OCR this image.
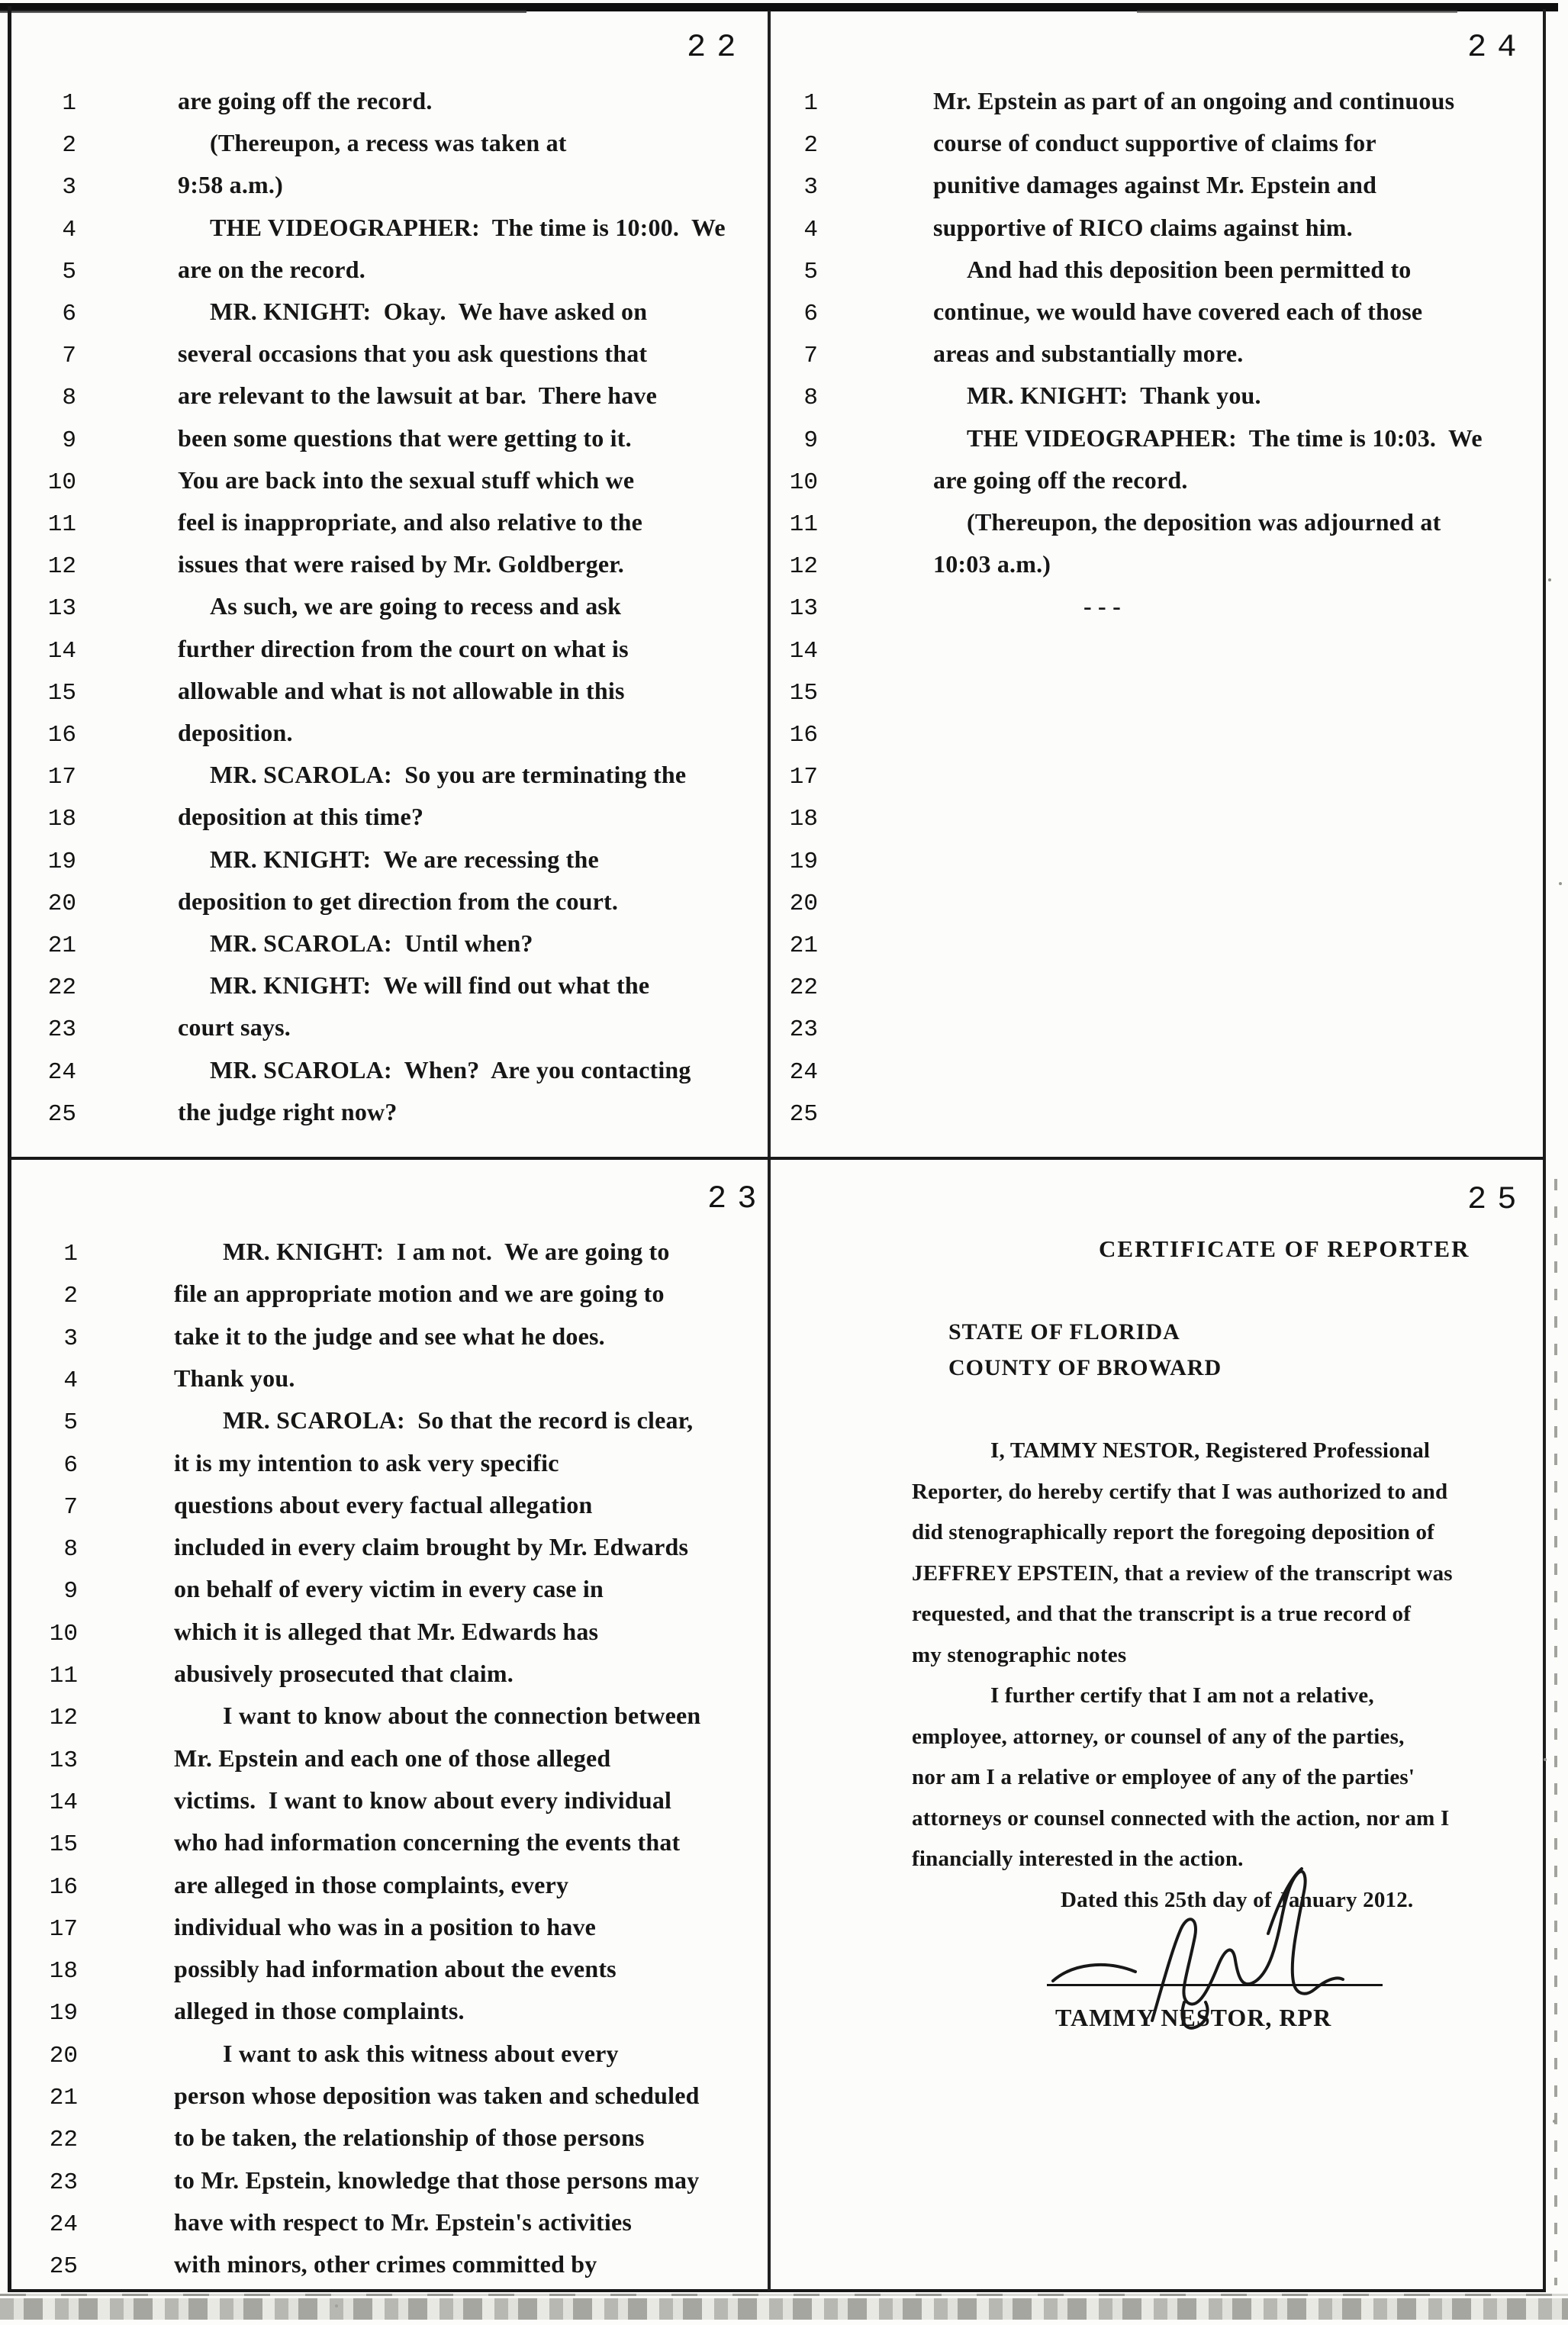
22
1	are going off the record.
2	(Thereupon, a recess was taken at
3	9:58 a.m.)
4	THE VIDEOGRAPHER:  The time is 10:00.  We
5	are on the record.
6	MR. KNIGHT:  Okay.  We have asked on
7	several occasions that you ask questions that
8	are relevant to the lawsuit at bar.  There have
9	been some questions that were getting to it.
10	You are back into the sexual stuff which we
11	feel is inappropriate, and also relative to the
12	issues that were raised by Mr. Goldberger.
13	As such, we are going to recess and ask
14	further direction from the court on what is
15	allowable and what is not allowable in this
16	deposition.
17	MR. SCAROLA:  So you are terminating the
18	deposition at this time?
19	MR. KNIGHT:  We are recessing the
20	deposition to get direction from the court.
21	MR. SCAROLA:  Until when?
22	MR. KNIGHT:  We will find out what the
23	court says.
24	MR. SCAROLA:  When?  Are you contacting
25	the judge right now?
24
1	Mr. Epstein as part of an ongoing and continuous
2	course of conduct supportive of claims for
3	punitive damages against Mr. Epstein and
4	supportive of RICO claims against him.
5	And had this deposition been permitted to
6	continue, we would have covered each of those
7	areas and substantially more.
8	MR. KNIGHT:  Thank you.
9	THE VIDEOGRAPHER:  The time is 10:03.  We
10	are going off the record.
11	(Thereupon, the deposition was adjourned at
12	10:03 a.m.)
13	- - -
14
15
16
17
18
19
20
21
22
23
24
25
23
1	MR. KNIGHT:  I am not.  We are going to
2	file an appropriate motion and we are going to
3	take it to the judge and see what he does.
4	Thank you.
5	MR. SCAROLA:  So that the record is clear,
6	it is my intention to ask very specific
7	questions about every factual allegation
8	included in every claim brought by Mr. Edwards
9	on behalf of every victim in every case in
10	which it is alleged that Mr. Edwards has
11	abusively prosecuted that claim.
12	I want to know about the connection between
13	Mr. Epstein and each one of those alleged
14	victims.  I want to know about every individual
15	who had information concerning the events that
16	are alleged in those complaints, every
17	individual who was in a position to have
18	possibly had information about the events
19	alleged in those complaints.
20	I want to ask this witness about every
21	person whose deposition was taken and scheduled
22	to be taken, the relationship of those persons
23	to Mr. Epstein, knowledge that those persons may
24	have with respect to Mr. Epstein's activities
25	with minors, other crimes committed by
25
CERTIFICATE OF REPORTER
STATE OF FLORIDA
COUNTY OF BROWARD
I, TAMMY NESTOR, Registered Professional
Reporter, do hereby certify that I was authorized to and
did stenographically report the foregoing deposition of
JEFFREY EPSTEIN, that a review of the transcript was
requested, and that the transcript is a true record of
my stenographic notes
I further certify that I am not a relative,
employee, attorney, or counsel of any of the parties,
nor am I a relative or employee of any of the parties'
attorneys or counsel connected with the action, nor am I
financially interested in the action.
Dated this 25th day of January 2012.
TAMMY NESTOR, RPR
